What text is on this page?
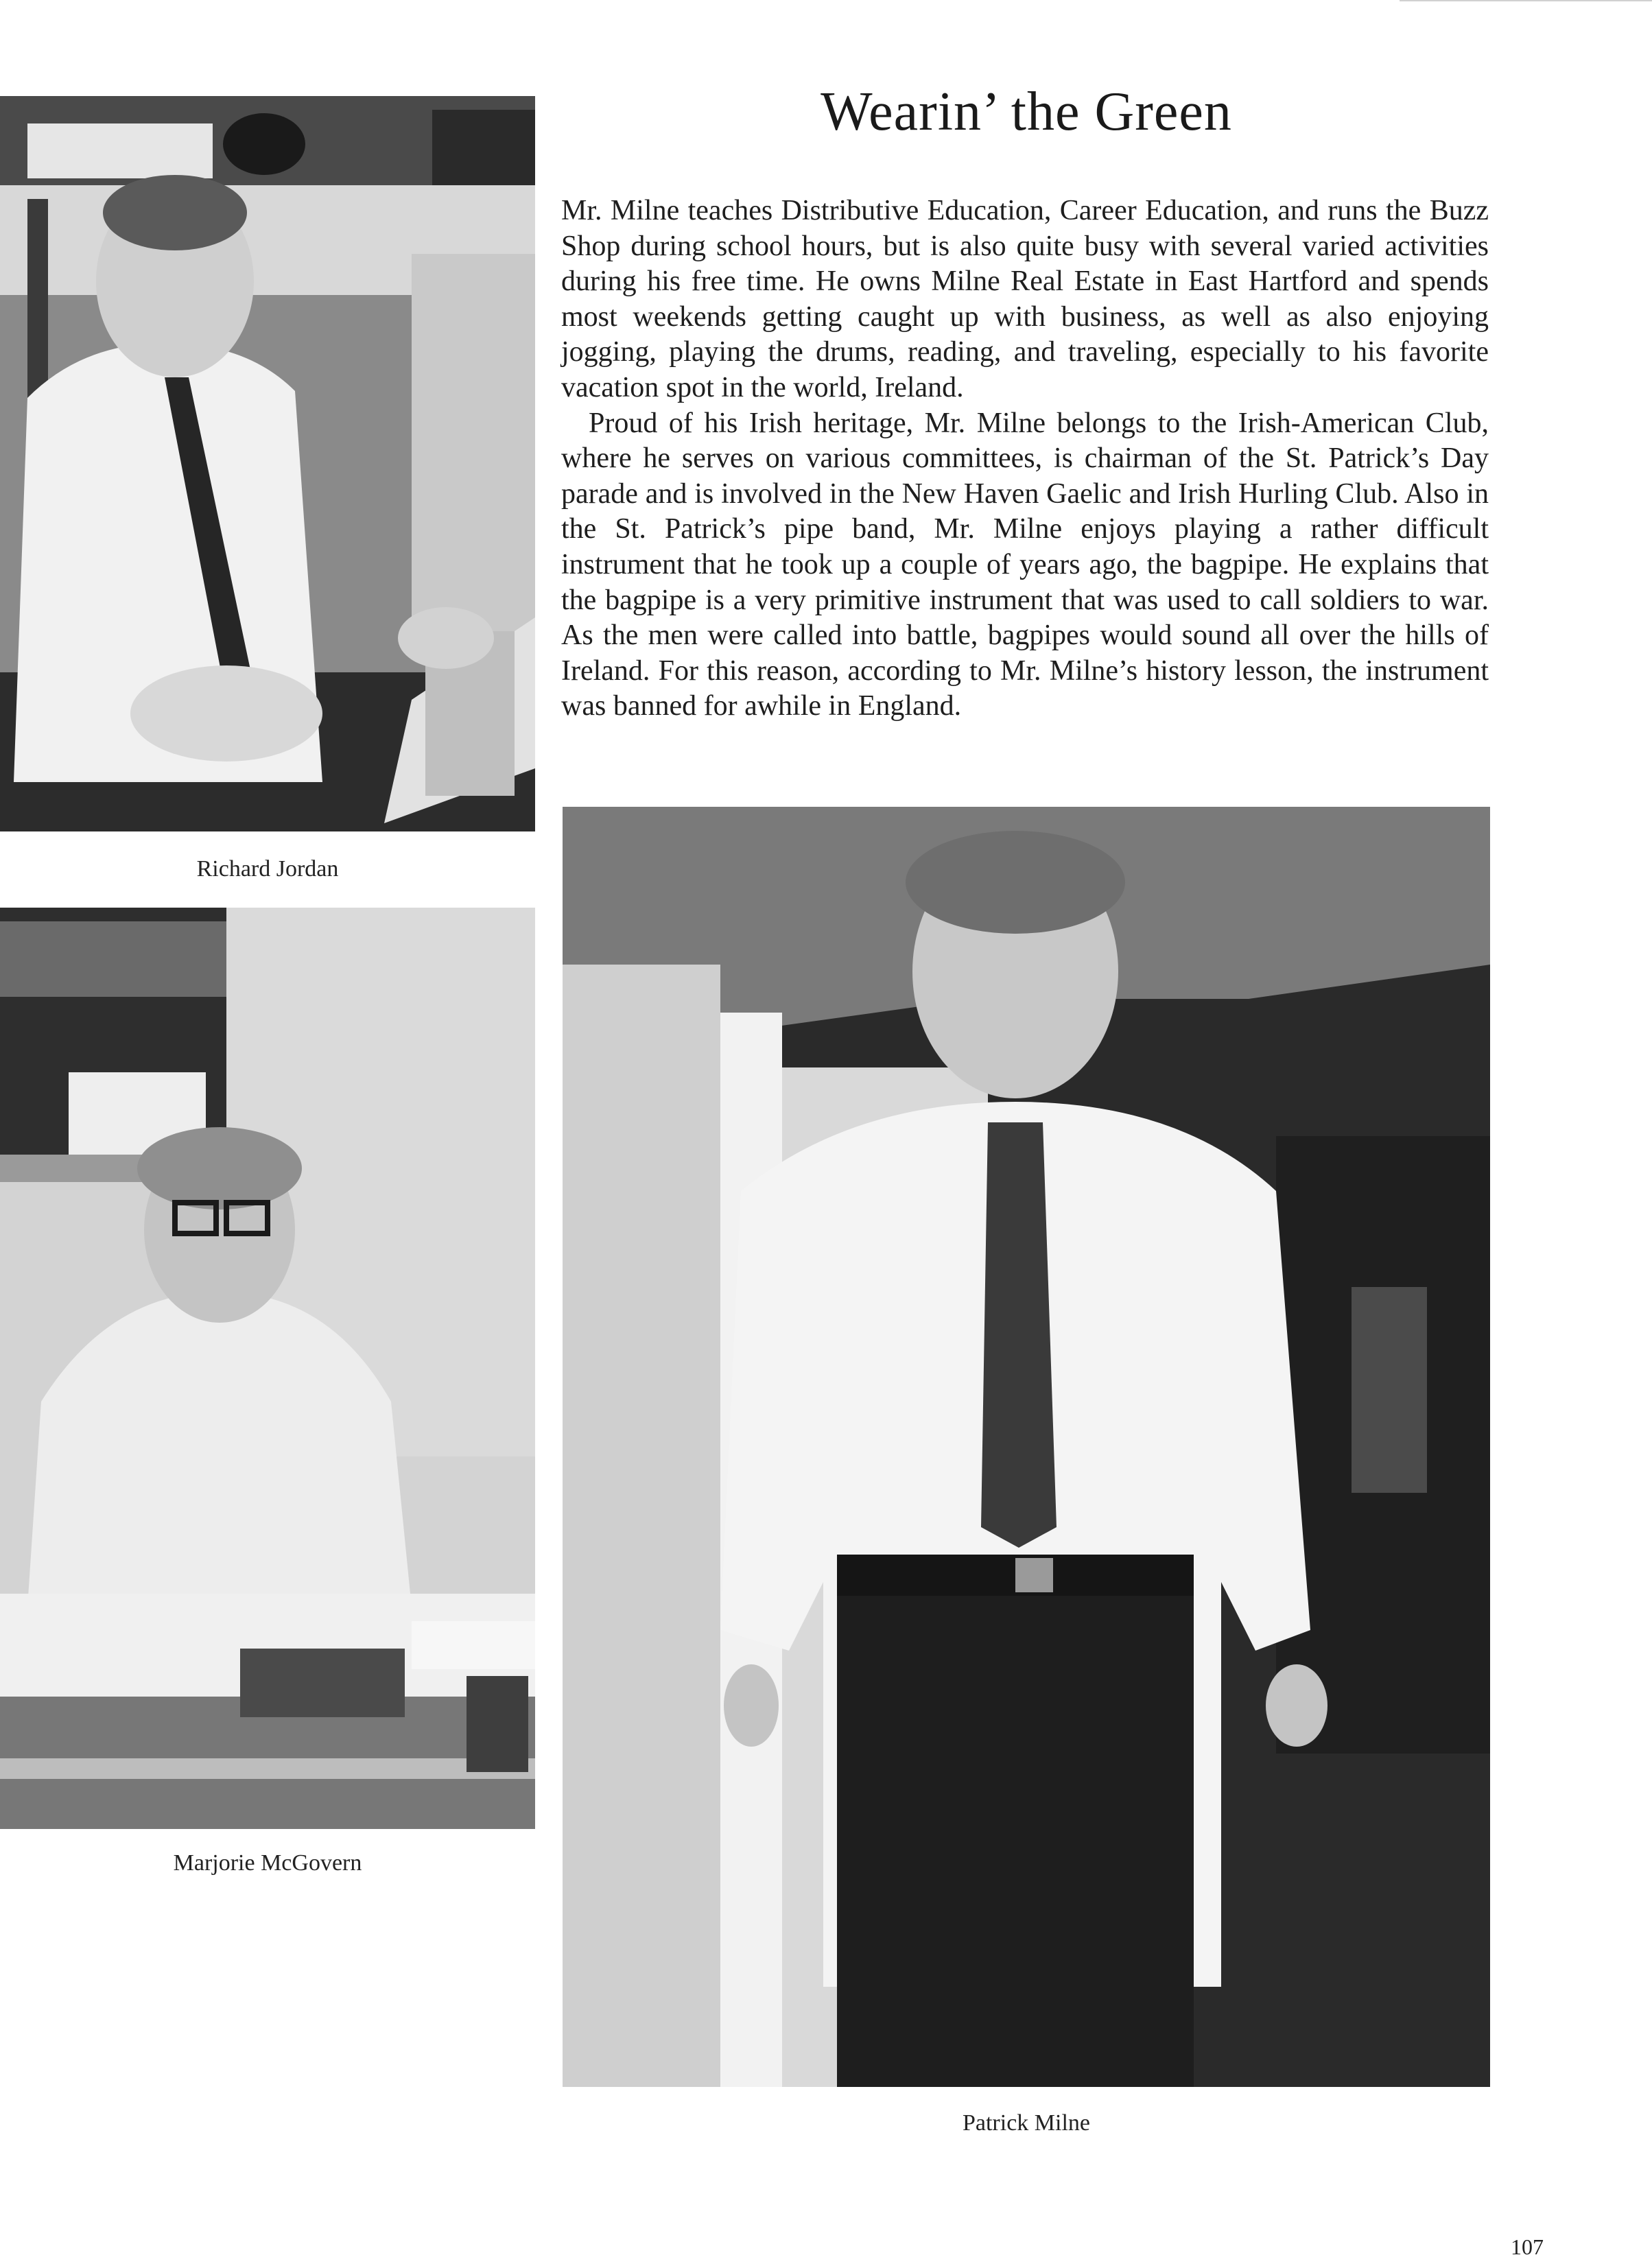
Richard Jordan
Marjorie McGovern
Wearin’ the Green

Mr. Milne teaches Distributive Education, Career Education, and runs the Buzz Shop during school hours, but is also quite busy with several varied activities during his free time. He owns Milne Real Estate in East Hartford and spends most weekends getting caught up with business, as well as also enjoying jogging, playing the drums, reading, and traveling, especially to his favorite vacation spot in the world, Ireland.

Proud of his Irish heritage, Mr. Milne belongs to the Irish-American Club, where he serves on various committees, is chairman of the St. Patrick’s Day parade and is involved in the New Haven Gaelic and Irish Hurling Club. Also in the St. Patrick’s pipe band, Mr. Milne enjoys playing a rather difficult instrument that he took up a couple of years ago, the bagpipe. He explains that the bagpipe is a very primitive instrument that was used to call soldiers to war. As the men were called into battle, bagpipes would sound all over the hills of Ireland. For this reason, according to Mr. Milne’s history lesson, the instrument was banned for awhile in England.

Patrick Milne
107
